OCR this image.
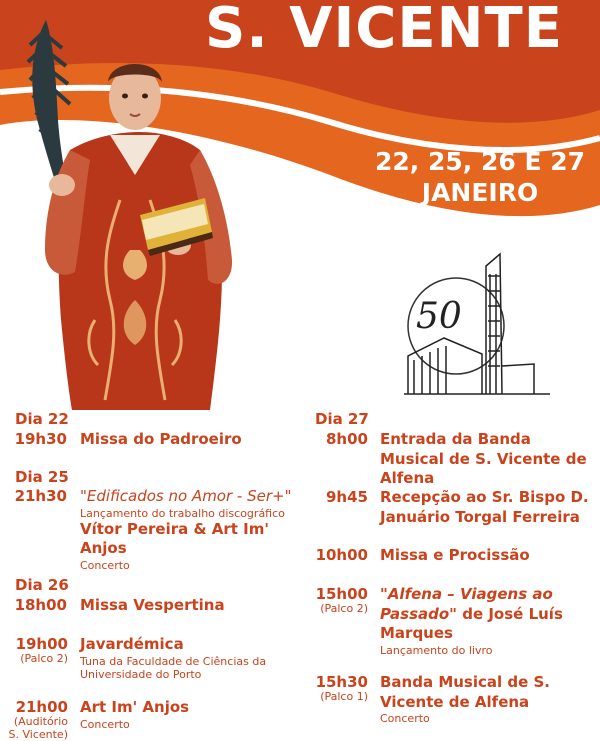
S. VICENTE
22, 25, 26 E 27
JANEIRO
50
Dia 22
19h30 Missa do Padroeiro
Dia 25
21h30 "Edificados no Amor - Ser+"
Lançamento do trabalho discográfico
Vítor Pereira & Art Im' Anjos
Concerto
Dia 26
18h00 Missa Vespertina
19h00
(Palco 2)
Javardémica
Tuna da Faculdade de Ciências da Universidade do Porto
21h00
(Auditório S. Vicente)
Art Im' Anjos
Concerto
Dia 27
8h00 Entrada da Banda Musical de S. Vicente de Alfena
9h45 Recepção ao Sr. Bispo D. Januário Torgal Ferreira
10h00 Missa e Procissão
15h00
(Palco 2)
"Alfena – Viagens ao Passado" de José Luís Marques
Lançamento do livro
15h30
(Palco 1)
Banda Musical de S. Vicente de Alfena
Concerto
